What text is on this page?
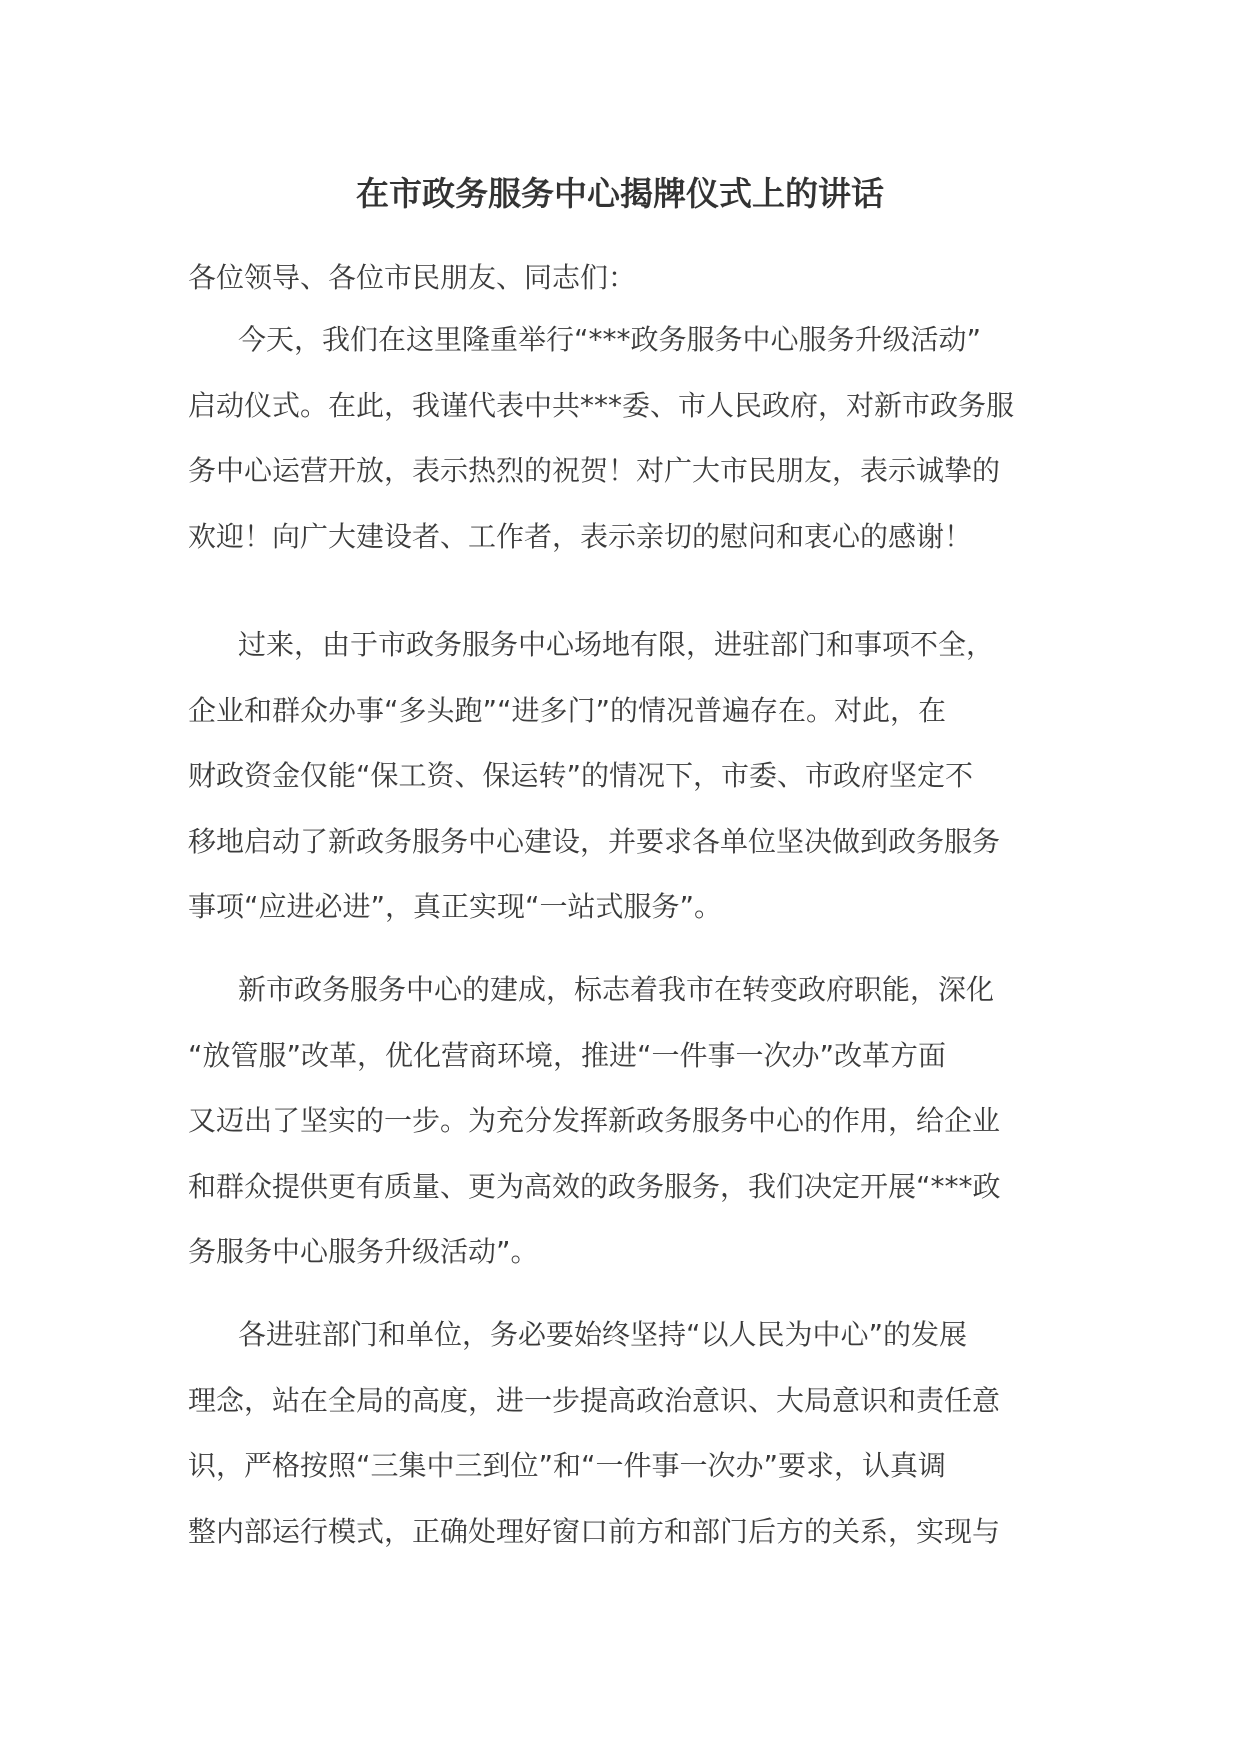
在市政务服务中心揭牌仪式上的讲话

各位领导、各位市民朋友、同志们：

今天，我们在这里隆重举行“***政务服务中心服务升级活动”
启动仪式。在此，我谨代表中共***委、市人民政府，对新市政务服
务中心运营开放，表示热烈的祝贺！对广大市民朋友，表示诚挚的
欢迎！向广大建设者、工作者，表示亲切的慰问和衷心的感谢！

过来，由于市政务服务中心场地有限，进驻部门和事项不全，
企业和群众办事“多头跑”“进多门”的情况普遍存在。对此，在
财政资金仅能“保工资、保运转”的情况下，市委、市政府坚定不
移地启动了新政务服务中心建设，并要求各单位坚决做到政务服务
事项“应进必进”，真正实现“一站式服务”。

新市政务服务中心的建成，标志着我市在转变政府职能，深化
“放管服”改革，优化营商环境，推进“一件事一次办”改革方面
又迈出了坚实的一步。为充分发挥新政务服务中心的作用，给企业
和群众提供更有质量、更为高效的政务服务，我们决定开展“***政
务服务中心服务升级活动”。

各进驻部门和单位，务必要始终坚持“以人民为中心”的发展
理念，站在全局的高度，进一步提高政治意识、大局意识和责任意
识，严格按照“三集中三到位”和“一件事一次办”要求，认真调
整内部运行模式，正确处理好窗口前方和部门后方的关系，实现与
